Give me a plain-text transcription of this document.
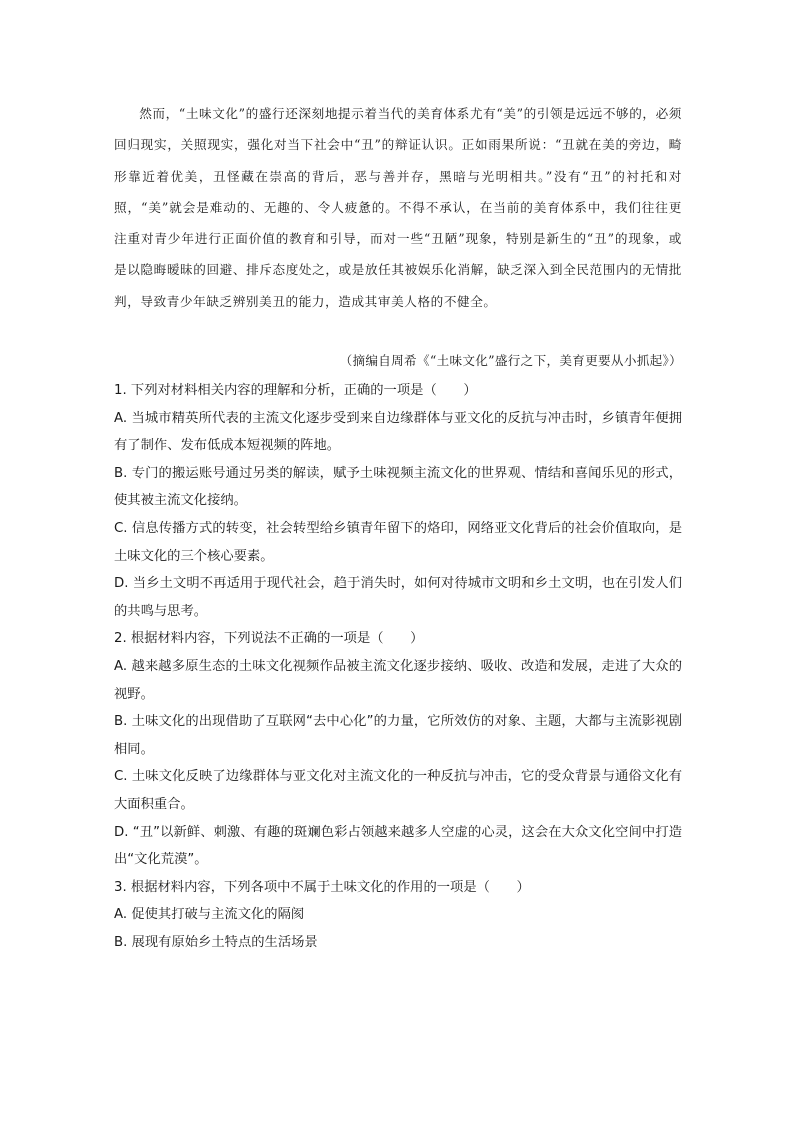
然而，“土味文化”的盛行还深刻地提示着当代的美育体系尤有“美”的引领是远远不够的，必须回归现实，关照现实，强化对当下社会中“丑”的辩证认识。正如雨果所说：“丑就在美的旁边，畸形靠近着优美，丑怪藏在崇高的背后，恶与善并存，黑暗与光明相共。”没有“丑”的衬托和对照，“美”就会是难动的、无趣的、令人疲惫的。不得不承认，在当前的美育体系中，我们往往更注重对青少年进行正面价值的教育和引导，而对一些“丑陋”现象，特别是新生的“丑”的现象，或是以隐晦暧昧的回避、排斥态度处之，或是放任其被娱乐化消解，缺乏深入到全民范围内的无情批判，导致青少年缺乏辨别美丑的能力，造成其审美人格的不健全。

（摘编自周希《“土味文化”盛行之下，美育更要从小抓起》）

1. 下列对材料相关内容的理解和分析，正确的一项是（　　）

A. 当城市精英所代表的主流文化逐步受到来自边缘群体与亚文化的反抗与冲击时，乡镇青年便拥有了制作、发布低成本短视频的阵地。

B. 专门的搬运账号通过另类的解读，赋予土味视频主流文化的世界观、情结和喜闻乐见的形式，使其被主流文化接纳。

C. 信息传播方式的转变，社会转型给乡镇青年留下的烙印，网络亚文化背后的社会价值取向，是土味文化的三个核心要素。

D. 当乡土文明不再适用于现代社会，趋于消失时，如何对待城市文明和乡土文明，也在引发人们的共鸣与思考。

2. 根据材料内容，下列说法不正确的一项是（　　）

A. 越来越多原生态的土味文化视频作品被主流文化逐步接纳、吸收、改造和发展，走进了大众的视野。

B. 土味文化的出现借助了互联网“去中心化”的力量，它所效仿的对象、主题，大都与主流影视剧相同。

C. 土味文化反映了边缘群体与亚文化对主流文化的一种反抗与冲击，它的受众背景与通俗文化有大面积重合。

D. “丑”以新鲜、刺激、有趣的斑斓色彩占领越来越多人空虚的心灵，这会在大众文化空间中打造出“文化荒漠”。

3. 根据材料内容，下列各项中不属于土味文化的作用的一项是（　　）

A. 促使其打破与主流文化的隔阂

B. 展现有原始乡土特点的生活场景
